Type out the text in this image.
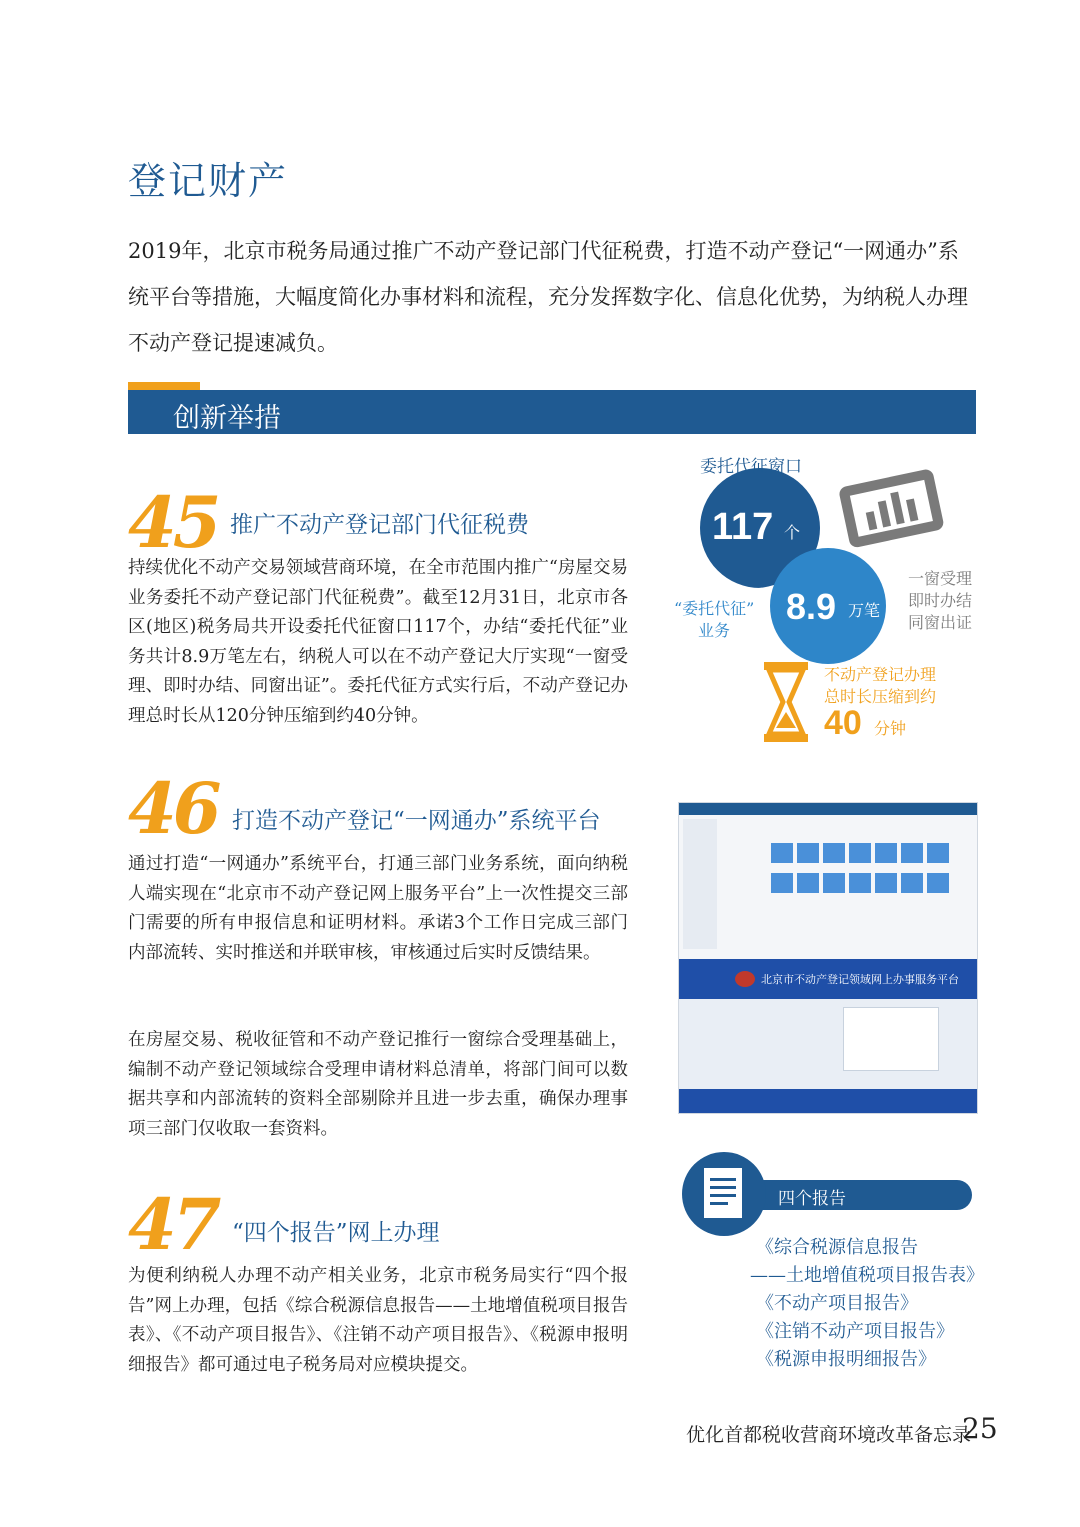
登记财产
2019年，北京市税务局通过推广不动产登记部门代征税费，打造不动产登记“一网通办”系统平台等措施，大幅度简化办事材料和流程，充分发挥数字化、信息化优势，为纳税人办理不动产登记提速减负。
创新举措
45 推广不动产登记部门代征税费
持续优化不动产交易领域营商环境，在全市范围内推广“房屋交易业务委托不动产登记部门代征税费”。截至12月31日，北京市各区(地区)税务局共开设委托代征窗口117个，办结“委托代征”业务共计8.9万笔左右，纳税人可以在不动产登记大厅实现“一窗受理、即时办结、同窗出证”。委托代征方式实行后，不动产登记办理总时长从120分钟压缩到约40分钟。
委托代征窗口
117 个
“委托代征”
业务
8.9 万笔
一窗受理
即时办结
同窗出证
不动产登记办理
总时长压缩到约
40 分钟
46 打造不动产登记“一网通办”系统平台
通过打造“一网通办”系统平台，打通三部门业务系统，面向纳税人端实现在“北京市不动产登记网上服务平台”上一次性提交三部门需要的所有申报信息和证明材料。承诺3个工作日完成三部门内部流转、实时推送和并联审核，审核通过后实时反馈结果。
在房屋交易、税收征管和不动产登记推行一窗综合受理基础上，编制不动产登记领域综合受理申请材料总清单，将部门间可以数据共享和内部流转的资料全部剔除并且进一步去重，确保办理事项三部门仅收取一套资料。
北京市不动产登记领域网上办事服务平台
47 “四个报告”网上办理
为便利纳税人办理不动产相关业务，北京市税务局实行“四个报告”网上办理，包括《综合税源信息报告——土地增值税项目报告表》、《不动产项目报告》、《注销不动产项目报告》、《税源申报明细报告》都可通过电子税务局对应模块提交。
四个报告
《综合税源信息报告
——土地增值税项目报告表》
《不动产项目报告》
《注销不动产项目报告》
《税源申报明细报告》
优化首都税收营商环境改革备忘录
25
